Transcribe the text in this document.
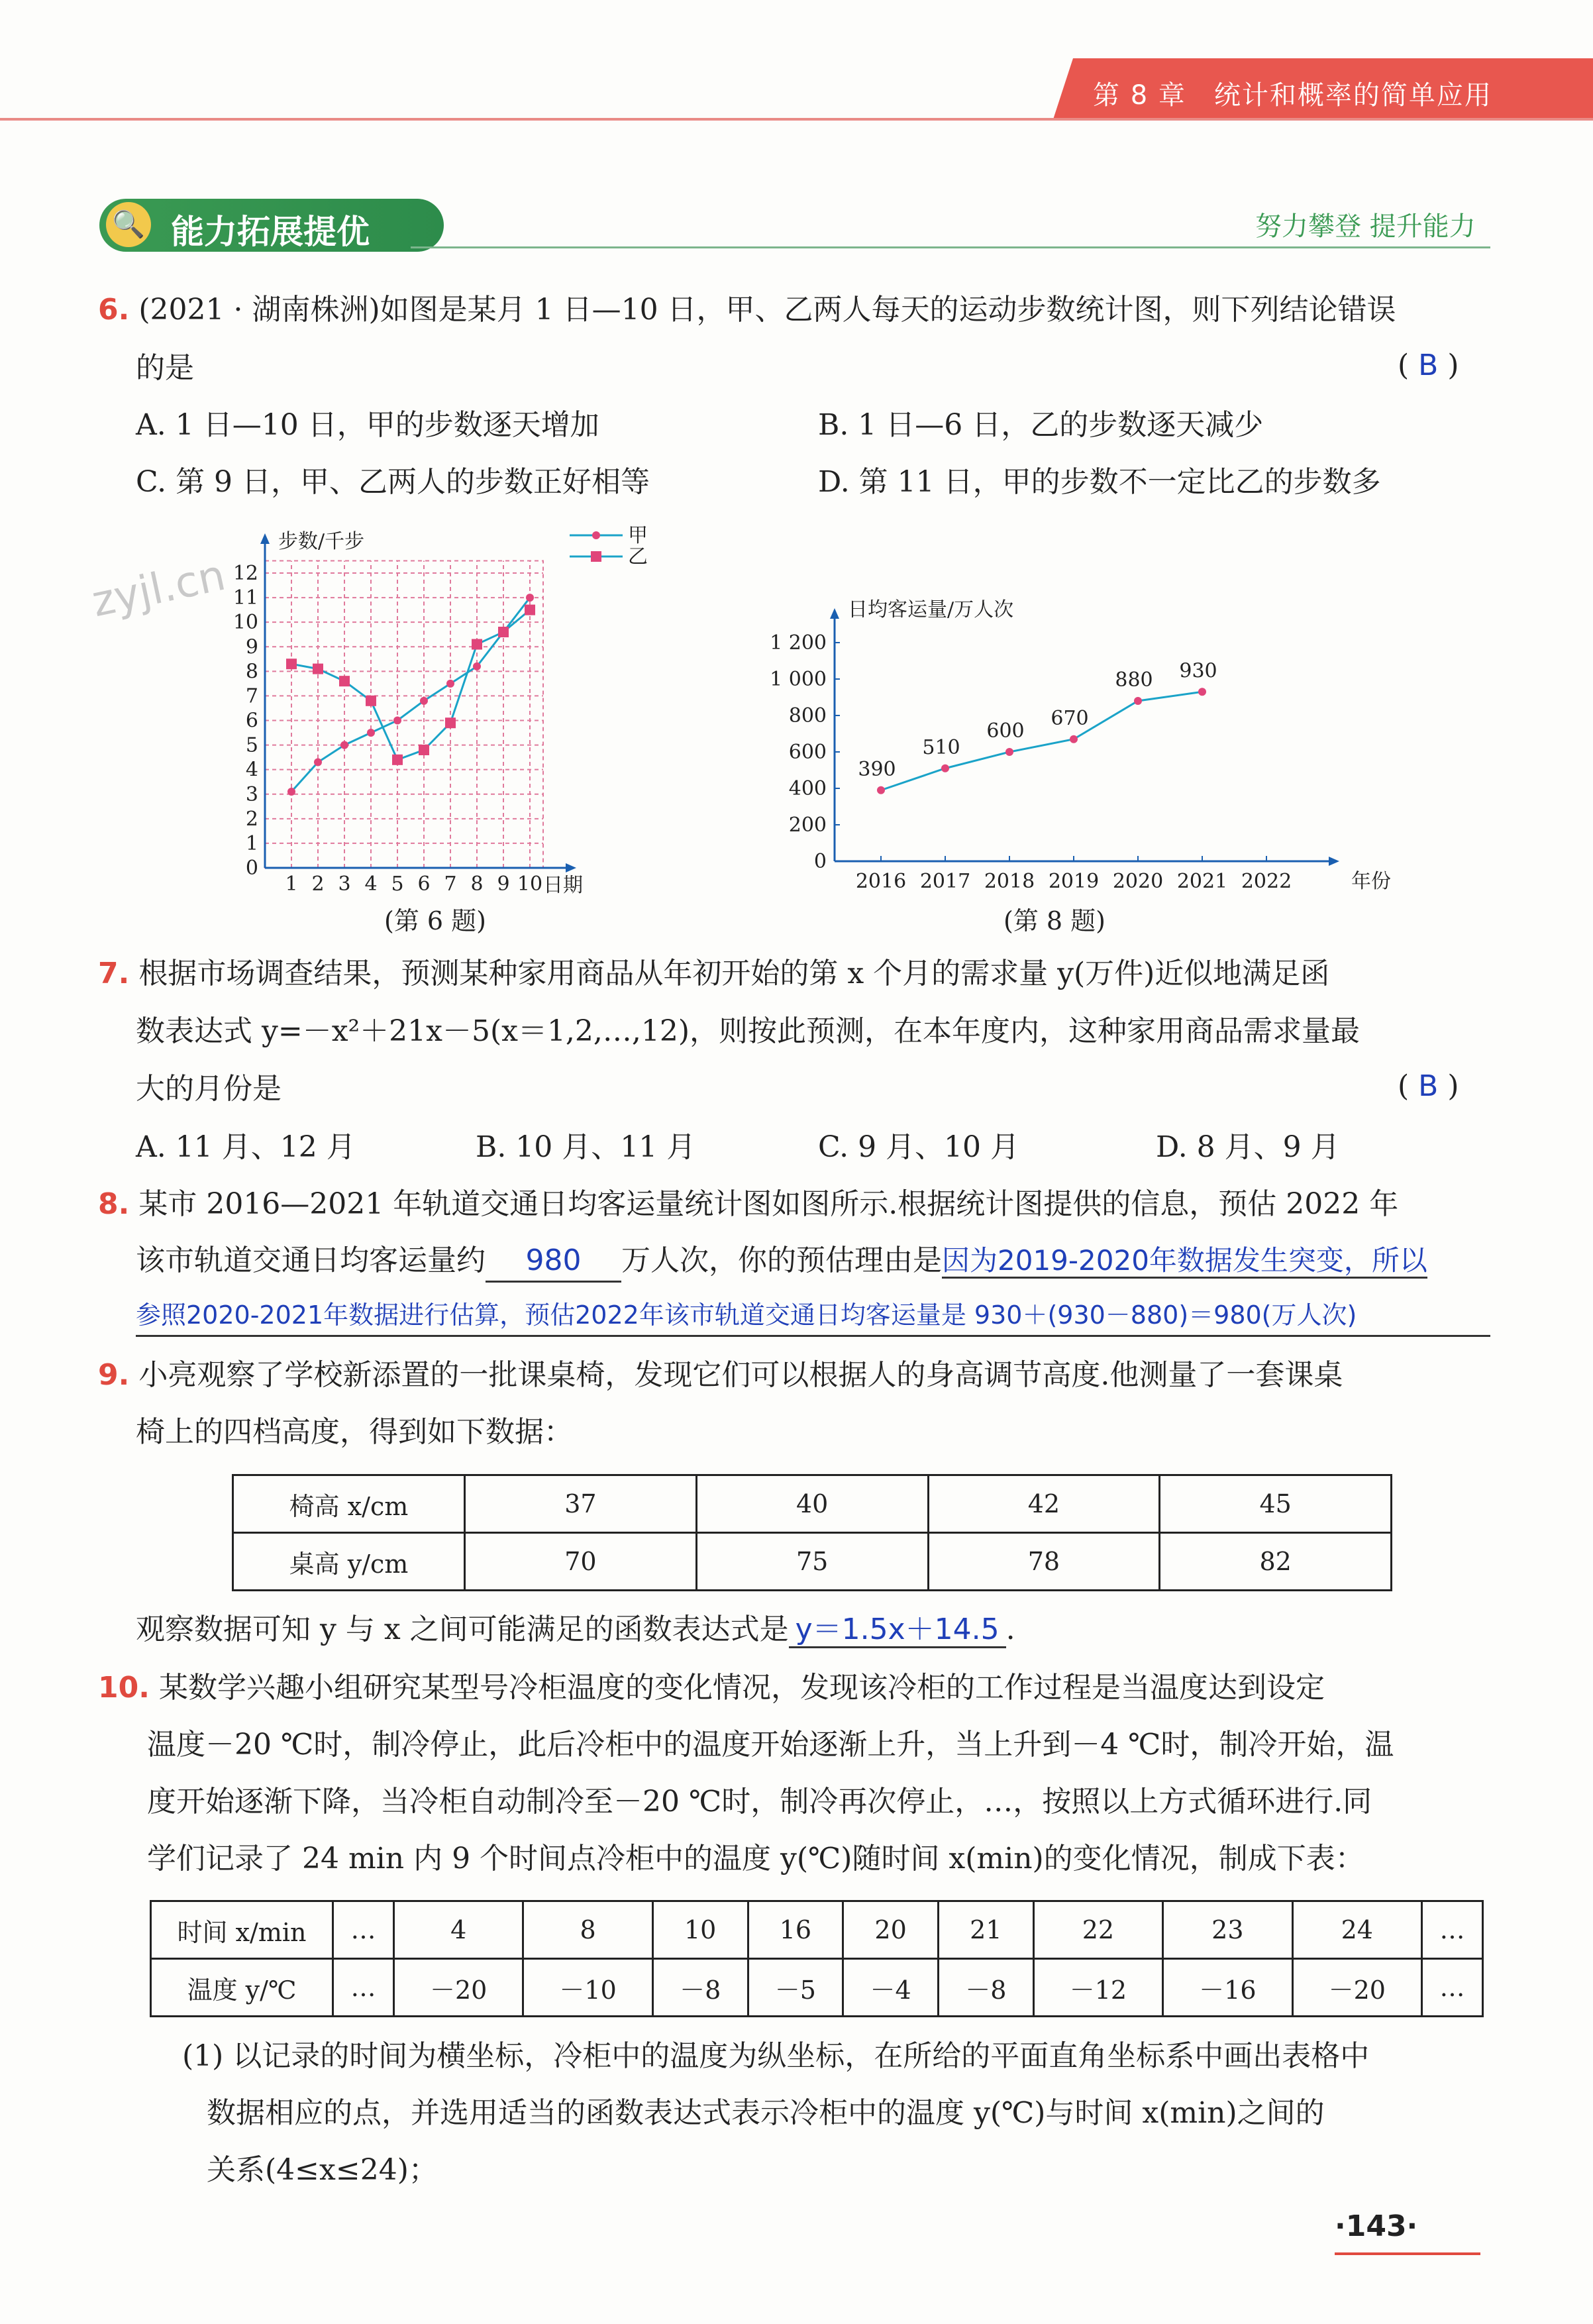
第 8 章　统计和概率的简单应用
🔍 能力拓展提优	努力攀登 提升能力
6. (2021 · 湖南株洲)如图是某月 1 日—10 日，甲、乙两人每天的运动步数统计图，则下列结论错误
的是	( B )
A. 1 日—10 日，甲的步数逐天增加	B. 1 日—6 日，乙的步数逐天减少
C. 第 9 日，甲、乙两人的步数正好相等	D. 第 11 日，甲的步数不一定比乙的步数多
zyjl.cn
0
1
2
3
4
5
6
7
8
9
10
11
12
1 2 3 4 5 6 7 8 9 10
步数/千步
日期
甲
乙
(第 6 题)
0
200
400
600
800
1 000
1 200
2016 2017 2018 2019 2020 2021 2022
日均客运量/万人次
年份
390
510
600
670
880 930
(第 8 题)
7. 根据市场调查结果，预测某种家用商品从年初开始的第 x 个月的需求量 y(万件)近似地满足函
数表达式 y=－x²＋21x－5(x＝1,2,…,12)，则按此预测，在本年度内，这种家用商品需求量最
大的月份是	( B )
A. 11 月、12 月	B. 10 月、11 月	C. 9 月、10 月	D. 8 月、9 月
8. 某市 2016—2021 年轨道交通日均客运量统计图如图所示.根据统计图提供的信息，预估 2022 年
该市轨道交通日均客运量约 980 万人次，你的预估理由是因为2019-2020年数据发生突变，所以
参照2020-2021年数据进行估算，预估2022年该市轨道交通日均客运量是 930＋(930－880)＝980(万人次)
9. 小亮观察了学校新添置的一批课桌椅，发现它们可以根据人的身高调节高度.他测量了一套课桌
椅上的四档高度，得到如下数据：
椅高 x/cm	37	40	42	45
桌高 y/cm	70	75	78	82
观察数据可知 y 与 x 之间可能满足的函数表达式是 y＝1.5x＋14.5 .
10. 某数学兴趣小组研究某型号冷柜温度的变化情况，发现该冷柜的工作过程是当温度达到设定
温度－20 ℃时，制冷停止，此后冷柜中的温度开始逐渐上升，当上升到－4 ℃时，制冷开始，温
度开始逐渐下降，当冷柜自动制冷至－20 ℃时，制冷再次停止，…，按照以上方式循环进行.同
学们记录了 24 min 内 9 个时间点冷柜中的温度 y(℃)随时间 x(min)的变化情况，制成下表：
时间 x/min	…	4	8	10	16	20	21	22	23	24	…
温度 y/℃	…	－20	－10	－8	－5	－4	－8	－12	－16	－20	…
(1) 以记录的时间为横坐标，冷柜中的温度为纵坐标，在所给的平面直角坐标系中画出表格中
数据相应的点，并选用适当的函数表达式表示冷柜中的温度 y(℃)与时间 x(min)之间的
关系(4≤x≤24)；
·143·
